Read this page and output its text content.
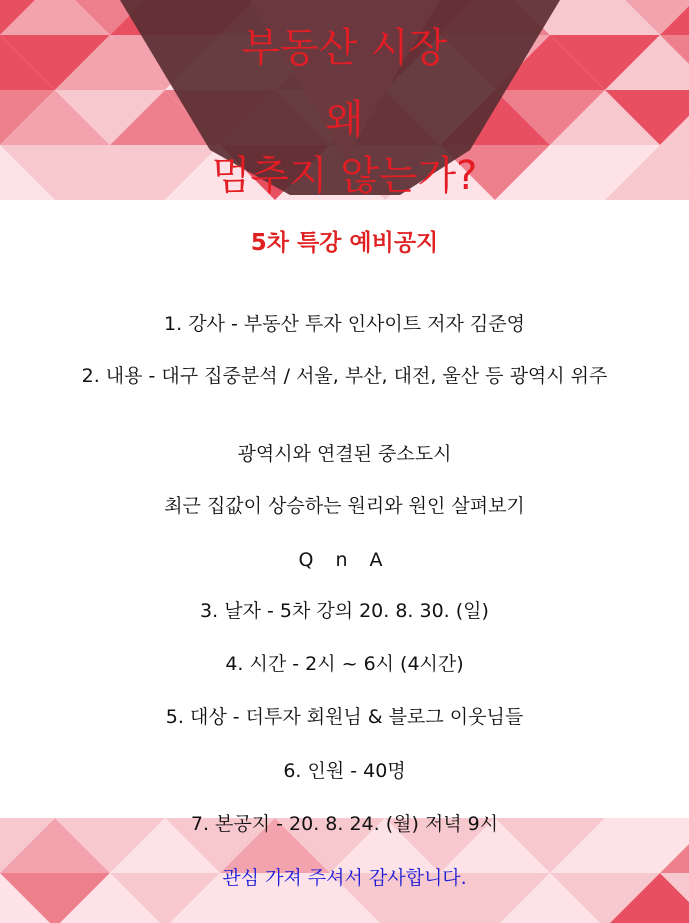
부동산 시장
왜
멈추지 않는가?
5차 특강 예비공지
1. 강사 - 부동산 투자 인사이트 저자 김준영
2. 내용 - 대구 집중분석 / 서울, 부산, 대전, 울산 등 광역시 위주
광역시와 연결된 중소도시
최근 집값이 상승하는 원리와 원인 살펴보기
Q n A
3. 날자 - 5차 강의 20. 8. 30. (일)
4. 시간 - 2시 ~ 6시 (4시간)
5. 대상 - 더투자 회원님 & 블로그 이웃님들
6. 인원 - 40명
7. 본공지 - 20. 8. 24. (월) 저녁 9시
관심 가져 주셔서 감사합니다.
